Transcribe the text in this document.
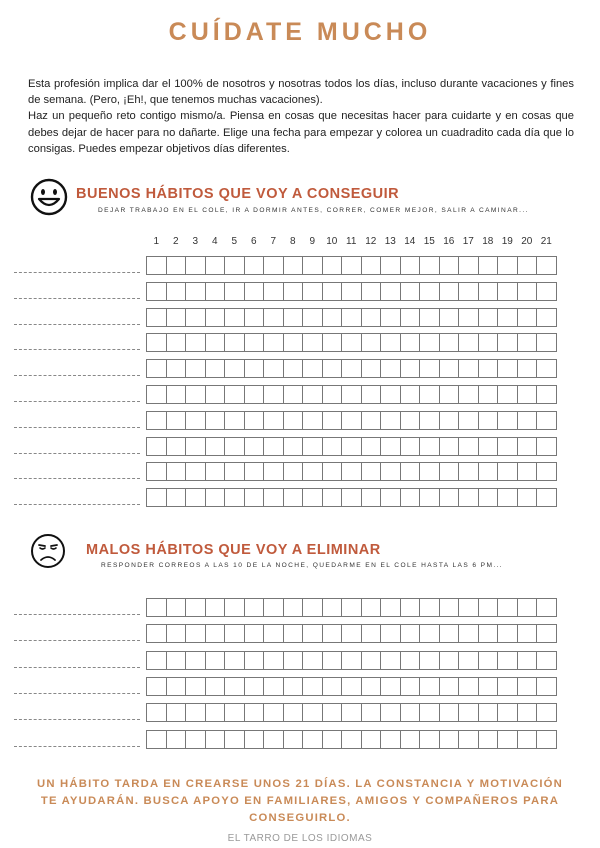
CUÍDATE MUCHO

Esta profesión implica dar el 100% de nosotros y nosotras todos los días, incluso durante vacaciones y fines de semana. (Pero, ¡Eh!, que tenemos muchas vacaciones).

Haz un pequeño reto contigo mismo/a. Piensa en cosas que necesitas hacer para cuidarte y en cosas que debes dejar de hacer para no dañarte. Elige una fecha para empezar y colorea un cuadradito cada día que lo consigas. Puedes empezar objetivos días diferentes.

BUENOS HÁBITOS QUE VOY A CONSEGUIR
DEJAR TRABAJO EN EL COLE, IR A DORMIR ANTES, CORRER, COMER MEJOR, SALIR A CAMINAR...
1	2	3	4	5	6	7	8	9	10 11 12 13 14 15 16 17 18 19 20 21
MALOS HÁBITOS QUE VOY A ELIMINAR
RESPONDER CORREOS A LAS 10 DE LA NOCHE, QUEDARME EN EL COLE HASTA LAS 6 PM...
UN HÁBITO TARDA EN CREARSE UNOS 21 DÍAS. LA CONSTANCIA Y MOTIVACIÓN TE AYUDARÁN. BUSCA APOYO EN FAMILIARES, AMIGOS Y COMPAÑEROS PARA CONSEGUIRLO.
EL TARRO DE LOS IDIOMAS
